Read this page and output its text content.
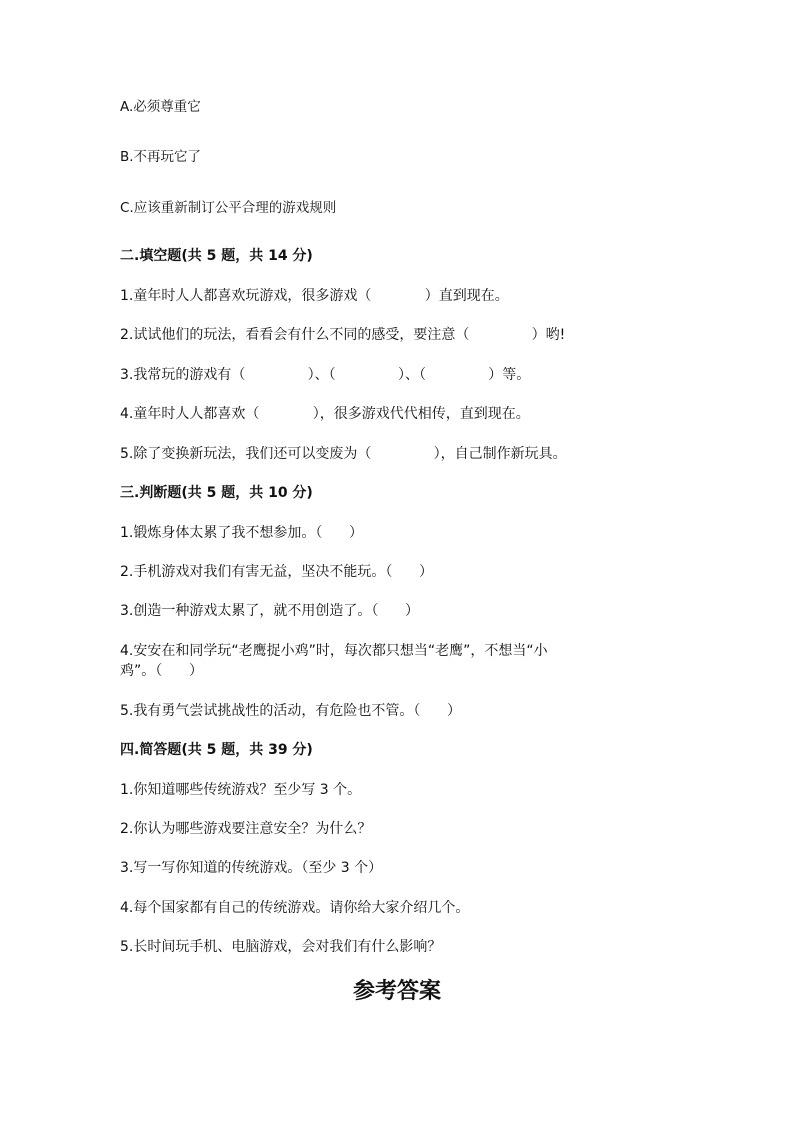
A.必须尊重它
B.不再玩它了
C.应该重新制订公平合理的游戏规则
二.填空题(共 5 题，共 14 分)
1.童年时人人都喜欢玩游戏，很多游戏（            ）直到现在。
2.试试他们的玩法，看看会有什么不同的感受，要注意（              ）哟!
3.我常玩的游戏有（              ）、（              ）、（              ）等。
4.童年时人人都喜欢（            ），很多游戏代代相传，直到现在。
5.除了变换新玩法，我们还可以变废为（              ），自己制作新玩具。
三.判断题(共 5 题，共 10 分)
1.锻炼身体太累了我不想参加。（      ）
2.手机游戏对我们有害无益，坚决不能玩。（      ）
3.创造一种游戏太累了，就不用创造了。（      ）
4.安安在和同学玩“老鹰捉小鸡”时，每次都只想当“老鹰”，不想当“小
鸡”。（      ）
5.我有勇气尝试挑战性的活动，有危险也不管。（      ）
四.简答题(共 5 题，共 39 分)
1.你知道哪些传统游戏？至少写 3 个。
2.你认为哪些游戏要注意安全？为什么？
3.写一写你知道的传统游戏。（至少 3 个）
4.每个国家都有自己的传统游戏。请你给大家介绍几个。
5.长时间玩手机、电脑游戏，会对我们有什么影响？
参考答案
